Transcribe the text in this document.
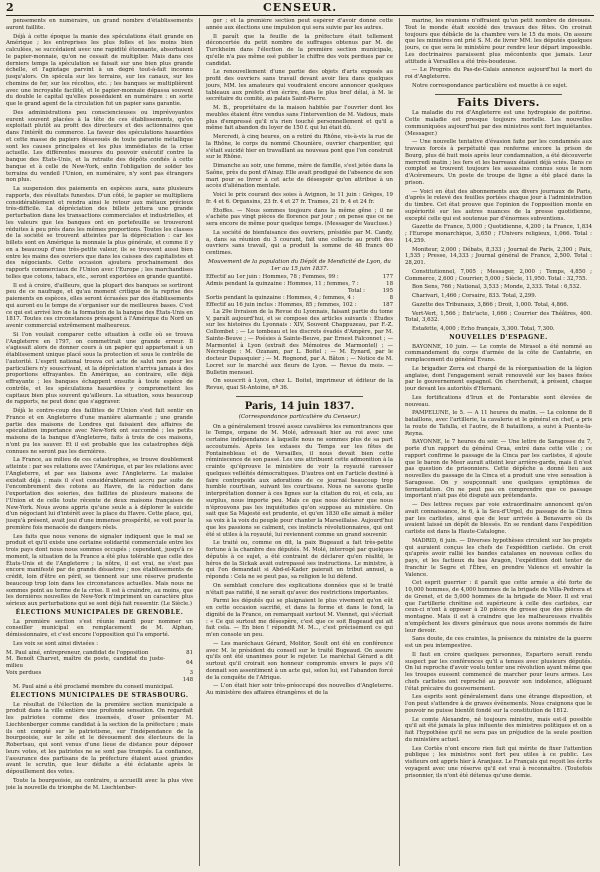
2	CENSEUR.

pensements en numéraire, un grand nombre d'établissements auront faillite.

Déjà à cette époque la manie des spéculations était grande en Amérique ; les entreprises les plus folles et les moins bien calculées, se succédaient avec une rapidité étonnante, absorbaient le papier-monnaie, qu'on ne cessait de multiplier. Mais dans ces derniers temps la spéculation se faisait sur une bien plus grande échelle, et l'agiotage parvint à un degré tout-à-fait inconnu jusqu'alors. On spécula sur les terrains, sur les canaux, sur les chemins de fer, sur les récoltes, etc. ; les banques se multiplièrent avec une incroyable facilité, et le papier-monnaie dépassa souvent du double le capital qu'elles possédaient en numéraire : en sorte que le grand agent de la circulation fut un papier sans garantie.

Des administrations peu consciencieuses ou imprévoyantes eurent souvent placées à la tête de ces établissements, qu'on exploitait plutôt au profit des directeurs et des actionnaires que dans l'intérêt du commerce. La faveur des spéculations hasardées et cette masse de papiers désavoués de toute garantie métallique sont les causes principales et les plus immédiates de la crise actuelle. Les différentes mesures du pouvoir exécutif contre la banque des États-Unis, et la retraite des dépôts confiés à cette banque et à celle de New-York, enfin l'obligation de solder les terrains du vendeil l'Union, en numéraire, n'y sont pas étrangers non plus.

La suspension des paiements en espèces aura, sans plusieurs rapports, des résultats funestes. D'un côté, le papier se multipliera considérablement et rendra ainsi le retour aux métaux précieux très-difficile. La dépréciation des billets jettera une grande perturbation dans les transactions commerciales et industrielles, et les valeurs que les banques ont en portefeuille se trouveront réduites à peu près dans les mêmes proportions. Toutes les classes de la société se trouvent atteintes par la dépréciation : car les billets sont en Amérique la monnaie la plus générale, et comme il y en a beaucoup d'une très-petite valeur, ils se trouvent aussi bien entre les mains des ouvriers que dans les caisses des capitalistes et des négociants. Cette occasion ajoutera prochainement des rapports commerciaux de l'Union avec l'Europe ; les marchandises telles que cotons, tabacs, etc., seront exportées en grande quantité.

Il est à croire, d'ailleurs, que la plupart des banques se sortiront peu de ce naufrage, et qu'au moment critique de la reprise des paiements en espèces, elles seront écrasées par des établissements qui auront eu le temps de s'organiser sur de meilleures bases. C'est ce qui est arrivé lors de la formation de la banque des États-Unis en 1817. Toutes ces circonstances présagent à l'Amérique du Nord un avenir commercial extrêmement malheureux.

Si l'on voulait comparer cette situation à celle où se trouva l'Angleterre en 1797, on commettrait une grande erreur. Il s'agissait alors de donner cours à un papier qui appartenait à un établissement unique placé sous la protection et sous le contrôle de l'autorité. L'esprit national trouva cet acte de salut non pour les particuliers n'y souscrivant, et la dépréciation n'arriva jamais à des proportions effrayantes. En Amérique, au contraire, elle déjà effrayante ; les banques échappent ensuite à toute espèce de contrôle, et les spéculations hasardées y compromettent les capitaux bien plus souvent qu'ailleurs. La situation, sous beaucoup de rapports, ne peut donc que s'aggraver.

Déjà le contre-coup des faillites de l'Union s'est fait sentir en France et en Angleterre d'une manière alarmante ; une grande partie des maisons de Londres qui faisaient des affaires de spéculation importance avec New-York ont succombé ; les petits maisons de la banque d'Angleterre, faits à trois de ces maisons, n'ont pu les sauver. Et il est probable que les catastrophes déjà connues ne seront pas les dernières.

La France, au milieu de ces catastrophes, se trouve doublement atteinte : par ses relations avec l'Amérique, et par les relations avec l'Angleterre, et par ses liaisons avec l'Angleterre. Le malaise existait déjà ; mais il s'est considérablement accru par suite de l'encombrement des cotons au Havre, de la réduction dans l'exportation des soieries, des faillites de plusieurs maisons de l'Union et de celle toute récente de deux maisons françaises de New-York. Nous avons appris qu'une seule a à déplorer le suicide d'un négociant lui d'intérêt avec la place du Havre. Cette place, qui, jusqu'à présent, avait joui d'une immense prospérité, se voit pour la première fois menacée de dangers réels.

Les faits que nous venons de signaler indiquent que le mal se produit et qu'il existe une certaine solidarité commerciale entre les trois pays dont nous nous sommes occupés ; cependant, jusqu'à ce moment, la situation de la France a été plus tolérable que celle des États-Unis et de l'Angleterre ; la nôtre, il est vrai, ne s'est pas encore manifesté par de grands désastres ; nos établissements de crédit, loin d'être en péril, se tiennent sur une réserve prudente beaucoup trop loin dans les circonstances actuelles. Mais nous ne sommes point au terme de la crise. Il est à craindre, au moins, que les dernières nouvelles de New-York n'impriment un caractère plus sérieux aux perturbations qui se sont déjà fait ressentir. (Le Siècle.)

ÉLECTIONS MUNICIPALES DE GRENOBLE.

La première section s'est réunie mardi pour nommer un conseiller municipal en remplacement de M. Alphan, démissionnaire, et c'est encore l'opposition qui l'a emporté.

Les voix se sont ainsi divisées :

M. Paul ainé, entrepreneur, candidat de l'opposition	81
M. Benoît Charvet, maître de poste, candidat du juste-milieu	64
Voix perdues	3
	148

M. Paul ainé a été proclamé membre du conseil municipal.

ÉLECTIONS MUNICIPALES DE STRASBOURG.

Le résultat de l'élection de la première section municipale a produit dans la ville entière une profonde sensation. On regardait les patriotes comme des insensés, d'oser présenter M. Liechtenberger comme candidat à la section de la préfecture ; mais ils ont compté sur le patriotisme, sur l'indépendance de la bourgeoisie, sur le zèle et le dévouement des électeurs de la Robertsau, qui sont venus d'une lieue de distance pour déposer leurs votes, et les patriotes ne se sont pas trompés. La confiance, l'assurance des partisans de la préfecture étaient aussi grandes avant le scrutin, que leur défaite a été éclatante après le dépouillement des votes.

Toute la bourgeoisie, au contraire, a accueilli avec la plus vive joie la nouvelle du triomphe de M. Liechtenber-

ger ; et la première section peut espérer d'avoir donné cette année aux élections une impulsion qui sera suivie par les autres.

Il paraît que la feuille de la préfecture était tellement déconcertée du petit nombre de suffrages obtenus par M. de Turckheim dans l'élection de la première section municipale, qu'elle n'a pas même osé publier le chiffre des voix perdues par ce candidat.

Le renouvellement d'une partie des objets d'arts exposés au profit des ouvriers sans travail devant avoir lieu dans quelques jours, MM. les amateurs qui voudraient encore annoncer quelques tableaux aux préfets d'en écrire, dans le plus bref délai, à M. le secrétaire du comité, au palais Saint-Pierre.

M. B., propriétaire de la maison habitée par l'ouvrier dont les meubles étaient être vendus sans l'intervention de M. Vadoux, mais plus d'empressé qu'il n'a rien touché personnellement et qu'il a même fait abandon du loyer de 150 f. qui lui était dû.

Mercredi, à cinq heures, on a retiré du Rhône, vis-à-vis la rue de la Rhône, le corps du nommé Chounière, ouvrier charpentier, qui s'était suicidé hier en travaillant au nouveau pont que l'on construit sur le Rhône.

Dimanche au soir, une femme, mère de famille, s'est jetée dans la Saône, près du pont d'Ainay. Elle avait prodigué de l'absence de son mari pour se livrer à cet acte de désespoir qu'on attribue à un accès d'aliénation mentale.

Voici le prix courant des soies à Avignon, le 11 juin : Grèges, 19 fr. 4 et 6. Organsins, 23 fr. 4 et 27 fr. Trames, 21 fr. 4 et 24 fr.

Étoffes. — Nous sommes toujours dans la même gêne ; il ne s'achète pas vingt pièces de florence par jour ; on pense que ce ne sera encore de même pour quelque temps. (Messager de Vaucluse.)

La société de bienfaisance des ouvriers, présidée par M. Candy, a, dans sa réunion du 3 courant, fait une collecte au profit des ouvriers sans travail, qui a produit la somme de 48 francs 60 centimes.

Mouvement de la population du Dépôt de Mendicité de Lyon, du 1er au 15 juin 1837.

Effectif au 1er juin : Hommes, 78 ; Femmes, 99 :	177
Admis pendant la quinzaine : Hommes, 11 ; femmes, 7 :	18
Total :	195
Sortis pendant la quinzaine : Hommes, 4 ; femmes, 4 :	8
Effectif au 16 juin inclus : Hommes, 85 ; femmes, 102 :	187

La 29e livraison de la Revue du Lyonnais, faisant partie du tome V, paraît aujourd'hui, et se compose des articles suivants : Études sur les histoires du Lyonnais : XIV, Souvent Chappuzeau, par F.-Z. Collombet ; — Le tombeau et les discrets évadés d'Ampère, par M. Sainte-Beuve ; — Poésies à Sainte-Beuve, par Ernest Falconnet ; — Marmontel à Lyon (extrait des Mémoires de Marmontel) ; — Nécrologie : M. Ozanam, par L. Boitel ; — M. Eynard, par le docteur Dupasquier ; — M. Rognond, par A. Bâton ; — Notice de M. Locret sur le marché aux fleurs de Lyon. — Revue du mois. — Bulletin mensuel.

On souscrit à Lyon, chez L. Boitel, imprimeur et éditeur de la Revue, quai St-Antoine, nº 36.

Paris, 14 juin 1837.
(Correspondance particulière du Censeur.)

On a généralement trouvé assez cavalières les remontrances que le Temps, organe de M. Molé, adressait hier au roi avec une certaine indépendance à laquelle nous ne sommes plus de sa part accoutumés. Après les extases du Temps sur les fêtes de Fontainebleau et de Versailles, il nous devait bien cette réminiscence de son passé. Les uns attribuent cette admonition à la crainte qu'éprouve le ministère de voir la royauté caresser quelques velléités démocratiques. D'autres ont en l'article destiné à faire contrepoids aux adorations de ce journal beaucoup trop humble courtisan, suivant les courtisans. Nous ne savons quelle interprétation donner à ces lignes sur la citation du roi, et cela, au surplus, nous importe peu. Mais ce que nous déclarer que nous n'éprouvons pas les inquiétudes qu'on suppose au ministère. On sait que Sa Majesté est prudente, et qu'en 1830 elle aimait à mêler sa voix à la voix du peuple pour chanter la Marseillaise. Aujourd'hui que les passions se calment, ces instincts révolutionnaires, qui ont été si utiles à la royauté, lui reviennent comme un grand souvenir.

Le traité ou, comme on dit, la paix Bugeaud a fait très-petite fortune à la chambre des députés. M. Molé, interrogé par quelques députés à ce sujet, a été contraint de déclarer qu'en réalité, le héros de la Sickak avait outrepassé ses instructions. Le ministre, à qui l'on demandait si Abd-el-Kader paierait un tribut annuel, a répondu : Cela ne se peut pas, sa religion le lui défend.

On semblait conclure des explications données que si le traité n'était pas ratifié, il ne serait qu'avec des restrictions importantes.

Parmi les députés qui se plaignaient le plus vivement qu'on eût en cette occasion sacrifié, et dans la forme et dans le fond, la dignité de la France, on remarquait surtout M. Viennet, qui s'écriait : « Ce qui surtout me désespère, c'est que ce soit Bugeaud qui ait fait cela. — En bien ! répondit M. M..., c'est précisément ce qui m'en console un peu.

— Les maréchaux Gérard, Molitor, Soult ont été en conférence avec M. le président du conseil sur le traité Bugeaud. On assure qu'ils ont été unanimes pour le rejeter. Le maréchal Gérard a dit surtout qu'il croirait son honneur compromis envers le pays s'il donnait son assentiment à un acte qui, selon lui, est l'abandon forcé de la conquête de l'Afrique.

— L'on était hier soir très-préoccupé des nouvelles d'Angleterre. Au ministère des affaires étrangères et de la

marine, les réunions n'offraient qu'un petit nombre de dévoués. Tout le monde était excédé des travaux des fêtes. On croirait toujours que débâcle de la chambre vers le 15 du mois. On assure que les ministres ont prié S. M. de livrer MM. les députés quelques jours, ce que sera le ministère pour rendre leur départ impossible. Les doctrinaires paraissent plus mécontents que jamais. Leur attitude à Versailles a été très-boudeuse.

— Le Progrès du Pas-de-Calais annonce aujourd'hui la mort du roi d'Angleterre.

Notre correspondance particulière est muette à ce sujet.

Faits Divers.

La maladie du roi d'Angleterre est une hydropisie de poitrine. Cette maladie est presque toujours mortelle. Les nouvelles communiquées aujourd'hui par des ministres sont fort inquiétantes. (Messager.)

— Une nouvelle tentative d'évasion faite par les condamnés aux travaux forcés à perpétuité que renferme encore la prison de Bourg, plus dé huit mois après leur condamnation, a été découverte mercredi matin ; les fers et les barreaux étaient déjà sciés. Dans ce complot se trouvent toujours les assassins connus sous le nom d'Acéremeurs. Un poste de troupe de ligne a été placé dans la prison.

— Voici en état des abonnements aux divers journaux de Paris, d'après le relevé des feuilles portées chaque jour à l'administration du timbre. Cet état prouve que l'opinion de l'opposition monte en supériorité sur les autres nuances de la presse quotidienne, excepté celle qui est soutenue par d'énormes subventions.

Gazette de France, 5,000 ; Quotidienne, 4,200 ; la France, 1,834 ; l'Europe monarchique, 3,650 ; l'Univers religieux, 1,066. Total : 14,259.

Moniteur, 2,000 ; Débats, 8,333 ; Journal de Paris, 2,300 ; Paix, 1,535 ; Presse, 14,333 ; Journal général de France, 2,500. Total : 28,201.

Constitutionnel, 7,005 ; Messager, 2,000 ; Temps, 4,850 ; Commerce, 2,600 ; Courrier, 5,000 ; Siècle, 11,950. Total : 32,755.

Bon Sens, 766 ; National, 3,533 ; Monde, 2,333. Total : 6,532.

Charivari, 1,466 ; Corsaire, 833. Total, 2,299.

Gazette des Tribunaux, 3,866 ; Droit, 1,000. Total, 4,866.

Vert-Vert, 1,566 ; Entr'acte, 1,666 ; Courrier des Théâtres, 400. Total, 3,632.

Estafette, 4,000 ; Echo français, 3,300. Total, 7,300.

NOUVELLES D'ESPAGNE.

BAYONNE, 10 juin. — Le comte de Mirasol a été nommé au commandement du corps d'armée de la côte de Cantabrie, en remplacement du général Evans.

Le brigadier Zerra est chargé de la réorganisation de la légion anglaise, dont l'engagement serait renouvelé sur les bases fixées par le gouvernement espagnol. On chercherait, à présent, chaque jour devant les autorités d'Hernani.

Les fortifications d'Irun et de Fontarabie sont élevées de nouveau.

PAMPELUNE, le 5. — A 11 heures du matin. — La colonne de 8 bataillons, avec l'artillerie, la cavalerie et le général en chef, a pris la route de Tafalla, et l'autre, de 8 bataillons, a suivi à Puente-la-Reyna.

BAYONNE, le 7 heures du soir. — Une lettre de Saragosse du 7, porte d'un rapport du général Oraa, entré dans cette ville ; ce rapport confirme le passage de la Cinca par les carlistes, il ajoute que le baron de Meer aurait atteint leur arrière-garde, mais il n'est pas question de prisonniers. Cette dépêche a donné lieu aux nouvelles du passage de la Cinca et a produit une vive sensation à Saragosse. On y soupçonnait une quelques symptômes de fermentation. On ne peut pas en comprendre que ce passage important n'ait pas été disputé aux prétendants.

— Des lettres reçues par voie extraordinaire annoncent qu'on avait connaissance, le 6, à la Seu-d'Urgel, du passage de la Cinca par les carlistes, ainsi que de leur arrivée à Benavarre où ils avaient laissé un dépôt de blessés. En se rendant dans l'expédition carliste est dans la Haute-Catalogne.

MADRID, 6 juin. — Diverses hypothèses circulent sur les projets qui auraient conçus les chefs de l'expédition carliste. On croit qu'après avoir rallié les bandes catalanes en nouveau celles du pays, et les factieux du bas Aragon, l'expédition doit tenter de franchir le Segre et l'Èbre, en prendre Valence et envahir la Valence.

Cet esprit guerrier : il paraît que cette armée a été forte de 10,000 hommes, de 4,000 hommes de la brigade de Villa-Pedrera et de Grenet, et de 5,000 hommes de la brigade de Meer. Il est vrai que l'artillerie chrétine est supérieure à celle des carlistes, car ceux-ci n'ont à opposer à 20 pièces de grosse que des pièces de montagne. Mais il est à craindre que les malheureuses rivalités n'empêchent les divers généraux que nous avons nommés de faire leur devoir.

Sans doute, de ces craintes, la présence du ministre de la guerre est un peu intempestive.

Il faut en croire quelques personnes, Espartero serait rendu suspect par les conférences qu'il a tenues avec plusieurs députés. On lui reproche d'avoir voulu tenter une révolution ayant même que les troupes eussent commencé de marcher pour leurs armes. Les chefs carlistes ont reproché au pouvoir son indolence, alléguant l'état précaire du gouvernement.

Les esprits sont généralement dans une étrange disposition, et l'on peut s'attendre à de graves événements. Nous craignons que le pouvoir ne puisse bientôt fondé sur la constitution de 1812.

Le comte Alexandre, né toujours ministre, mais est-il possible qu'il ait été jamais la plus influente des ministres politiques et on a fait l'hypothèse qu'il ne sera pas un préjudice de la seule position du ministère actuel.

Les Cortès n'ont encore rien fait qui mérite de fixer l'attention publique ; les ministres sont fort peu utiles à ce public. Les visiteurs ont appris hier à Aranjuez. Le Français qui reçoit les écrits voyagent avec une réserve qu'il est vrai à reconnaître. (Toutefois prisonnier, ils n'ont été détenus qu'une demie.
